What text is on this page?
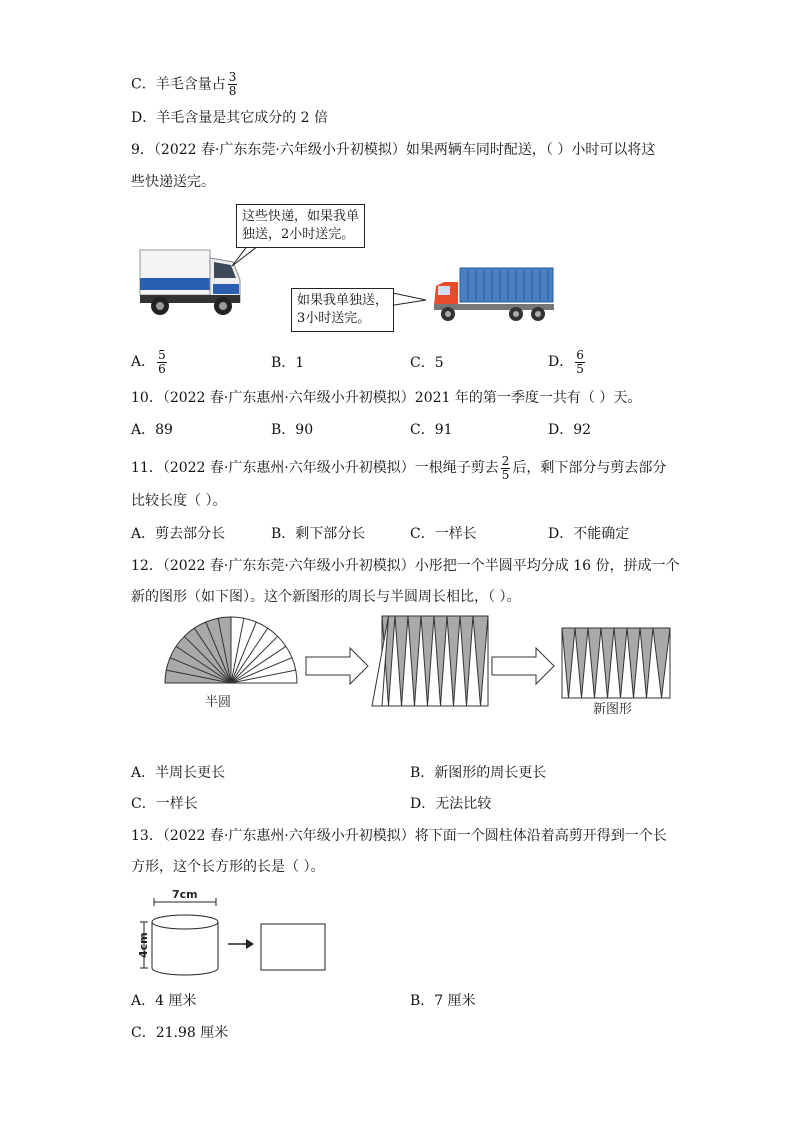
C．羊毛含量占 $\frac{3}{8}$
D．羊毛含量是其它成分的 2 倍
9．（2022 春·广东东莞·六年级小升初模拟）如果两辆车同时配送，（ ）小时可以将这
些快递送完。
这些快递，如果我单
独送，2小时送完。
如果我单独送，
3小时送完。
A． $\frac{5}{6}$	B．1	C．5	D． $\frac{6}{5}$
10．（2022 春·广东惠州·六年级小升初模拟）2021 年的第一季度一共有（ ）天。
A．89	B．90	C．91	D．92
11．（2022 春·广东惠州·六年级小升初模拟）一根绳子剪去 $\frac{2}{5}$ 后，剩下部分与剪去部分
比较长度（ ）。
A．剪去部分长	B．剩下部分长	C．一样长	D．不能确定
12．（2022 春·广东东莞·六年级小升初模拟）小彤把一个半圆平均分成 16 份，拼成一个
新的图形（如下图）。这个新图形的周长与半圆周长相比，（ ）。
半圆	新图形
A．半周长更长	B．新图形的周长更长
C．一样长	D．无法比较
13．（2022 春·广东惠州·六年级小升初模拟）将下面一个圆柱体沿着高剪开得到一个长
方形，这个长方形的长是（ ）。
7cm
4cm
A．4 厘米	B．7 厘米
C．21.98 厘米
